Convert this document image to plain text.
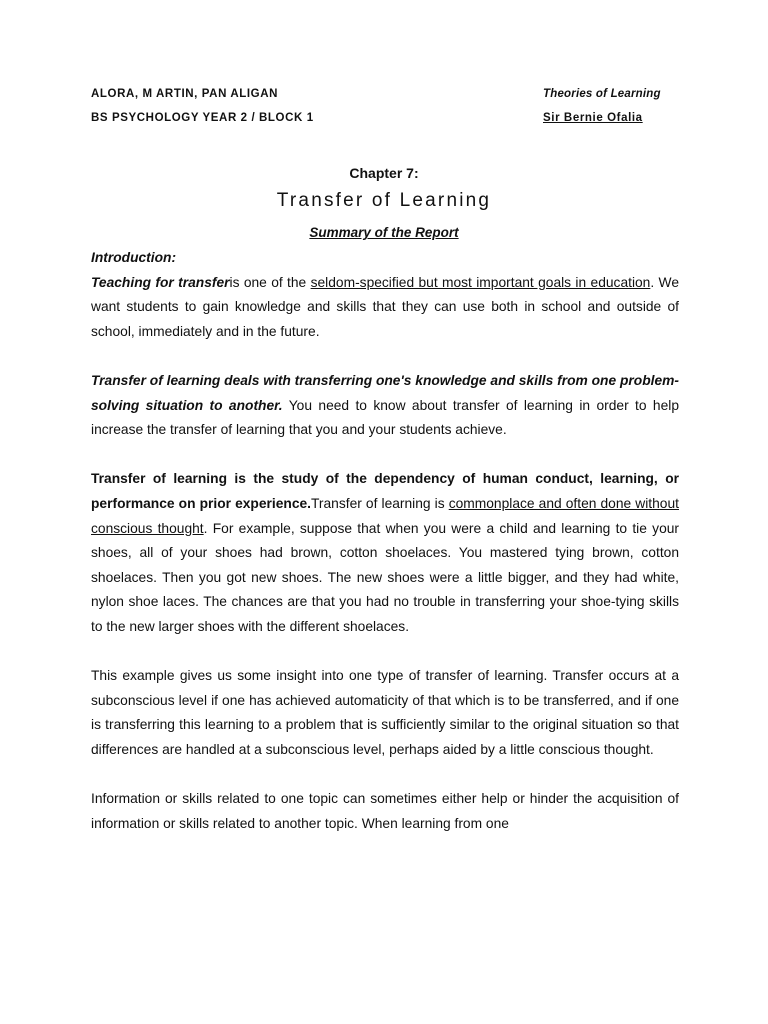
ALORA, M ARTIN, PAN ALIGAN
BS PSYCHOLOGY YEAR 2 / BLOCK 1
Theories of Learning
Sir Bernie Ofalia
Chapter 7:
Transfer of Learning
Summary of the Report

Introduction:

Teaching for transferis one of the seldom-specified but most important goals in education. We want students to gain knowledge and skills that they can use both in school and outside of school, immediately and in the future.

Transfer of learning deals with transferring one's knowledge and skills from one problem-solving situation to another. You need to know about transfer of learning in order to help increase the transfer of learning that you and your students achieve.

Transfer of learning is the study of the dependency of human conduct, learning, or performance on prior experience.Transfer of learning is commonplace and often done without conscious thought. For example, suppose that when you were a child and learning to tie your shoes, all of your shoes had brown, cotton shoelaces. You mastered tying brown, cotton shoelaces. Then you got new shoes. The new shoes were a little bigger, and they had white, nylon shoe laces. The chances are that you had no trouble in transferring your shoe-tying skills to the new larger shoes with the different shoelaces.

This example gives us some insight into one type of transfer of learning. Transfer occurs at a subconscious level if one has achieved automaticity of that which is to be transferred, and if one is transferring this learning to a problem that is sufficiently similar to the original situation so that differences are handled at a subconscious level, perhaps aided by a little conscious thought.

Information or skills related to one topic can sometimes either help or hinder the acquisition of information or skills related to another topic. When learning from one
